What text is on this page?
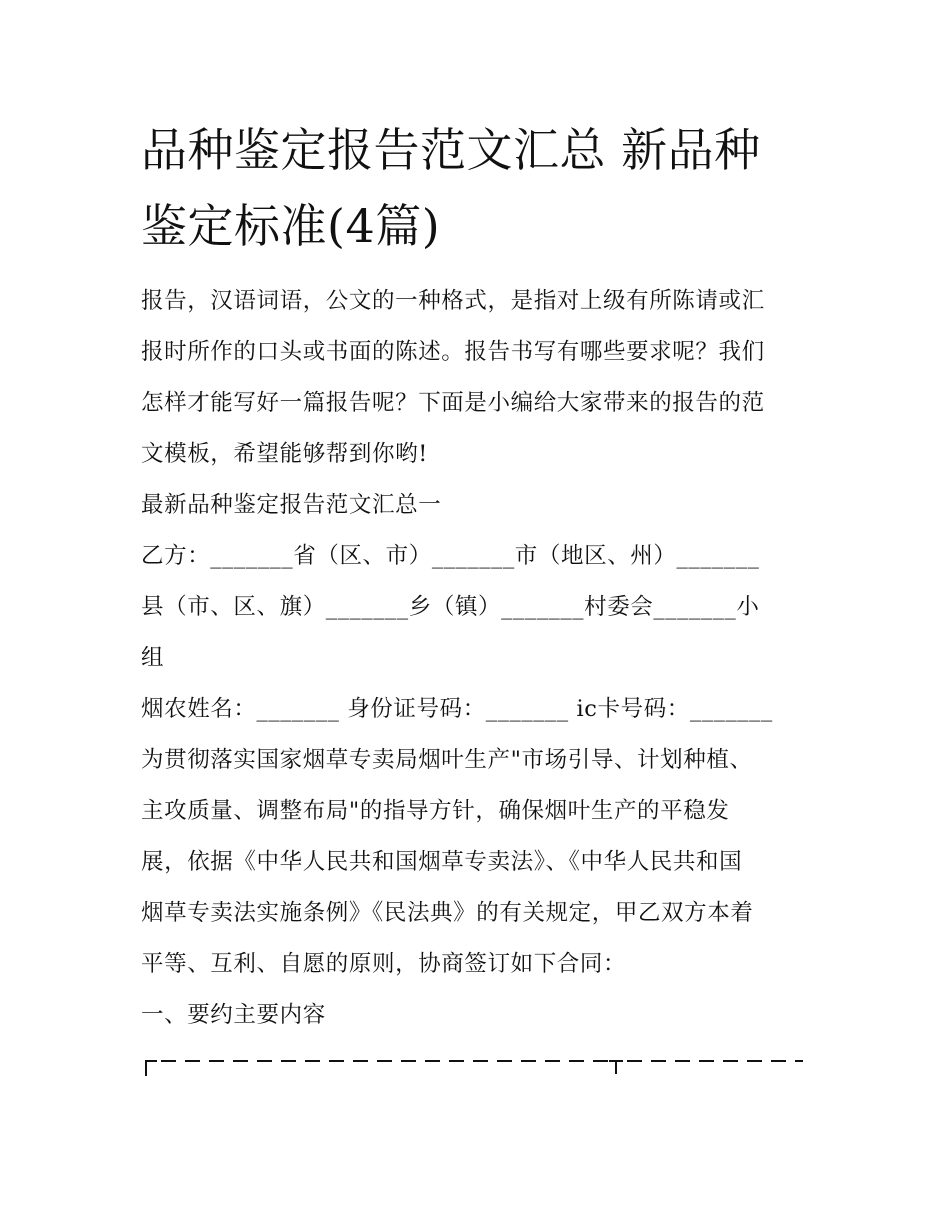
品种鉴定报告范文汇总 新品种
鉴定标准(4篇)
报告，汉语词语，公文的一种格式，是指对上级有所陈请或汇
报时所作的口头或书面的陈述。报告书写有哪些要求呢？我们
怎样才能写好一篇报告呢？下面是小编给大家带来的报告的范
文模板，希望能够帮到你哟!
最新品种鉴定报告范文汇总一
乙方：_______省（区、市）_______市（地区、州）_______
县（市、区、旗）_______乡（镇）_______村委会_______小
组
烟农姓名：_______ 身份证号码：_______ ic卡号码：_______
为贯彻落实国家烟草专卖局烟叶生产"市场引导、计划种植、
主攻质量、调整布局"的指导方针，确保烟叶生产的平稳发
展，依据《中华人民共和国烟草专卖法》、《中华人民共和国
烟草专卖法实施条例》《民法典》的有关规定，甲乙双方本着
平等、互利、自愿的原则，协商签订如下合同：
一、要约主要内容
